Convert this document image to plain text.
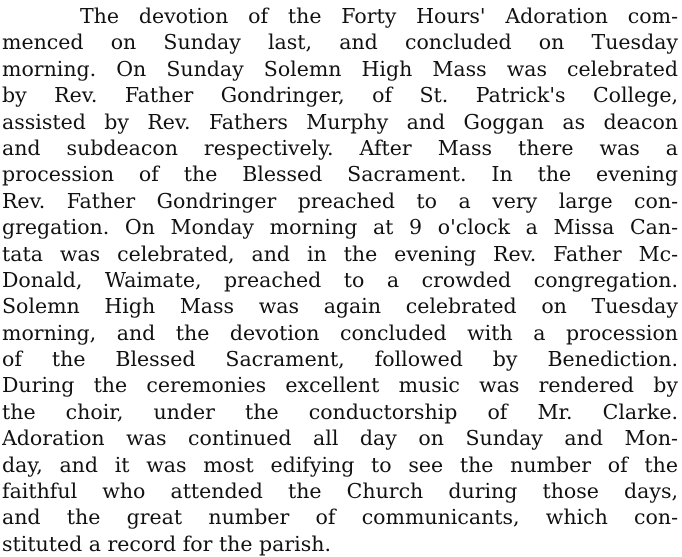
The devotion of the Forty Hours' Adoration com-
menced on Sunday last, and concluded on Tuesday
morning. On Sunday Solemn High Mass was celebrated
by Rev. Father Gondringer, of St. Patrick's College,
assisted by Rev. Fathers Murphy and Goggan as deacon
and subdeacon respectively. After Mass there was a
procession of the Blessed Sacrament. In the evening
Rev. Father Gondringer preached to a very large con-
gregation. On Monday morning at 9 o'clock a Missa Can-
tata was celebrated, and in the evening Rev. Father Mc-
Donald, Waimate, preached to a crowded congregation.
Solemn High Mass was again celebrated on Tuesday
morning, and the devotion concluded with a procession
of the Blessed Sacrament, followed by Benediction.
During the ceremonies excellent music was rendered by
the choir, under the conductorship of Mr. Clarke.
Adoration was continued all day on Sunday and Mon-
day, and it was most edifying to see the number of the
faithful who attended the Church during those days,
and the great number of communicants, which con-
stituted a record for the parish.
